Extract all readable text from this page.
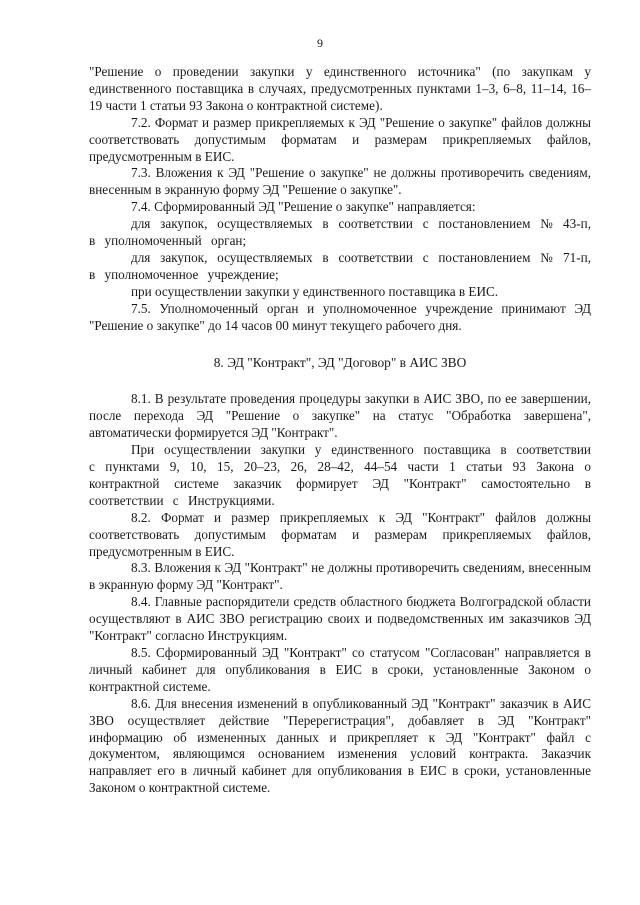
9

"Решение о проведении закупки у единственного источника" (по закупкам у единственного поставщика в случаях, предусмотренных пунктами 1–3, 6–8, 11–14, 16–19 части 1 статьи 93 Закона о контрактной системе).

7.2. Формат и размер прикрепляемых к ЭД "Решение о закупке" файлов должны соответствовать допустимым форматам и размерам прикрепляемых файлов, предусмотренным в ЕИС.

7.3. Вложения к ЭД "Решение о закупке" не должны противоречить сведениям, внесенным в экранную форму ЭД "Решение о закупке".

7.4. Сформированный ЭД "Решение о закупке" направляется:

для закупок, осуществляемых в соответствии с постановлением № 43-п, в уполномоченный орган;

для закупок, осуществляемых в соответствии с постановлением № 71-п, в уполномоченное учреждение;

при осуществлении закупки у единственного поставщика в ЕИС.

7.5. Уполномоченный орган и уполномоченное учреждение принимают ЭД "Решение о закупке" до 14 часов 00 минут текущего рабочего дня.

8. ЭД "Контракт", ЭД "Договор" в АИС ЗВО

8.1. В результате проведения процедуры закупки в АИС ЗВО, по ее завершении, после перехода ЭД "Решение о закупке" на статус "Обработка завершена", автоматически формируется ЭД "Контракт".

При осуществлении закупки у единственного поставщика в соответствии с пунктами 9, 10, 15, 20–23, 26, 28–42, 44–54 части 1 статьи 93 Закона о контрактной системе заказчик формирует ЭД "Контракт" самостоятельно в соответствии с Инструкциями.

8.2. Формат и размер прикрепляемых к ЭД "Контракт" файлов должны соответствовать допустимым форматам и размерам прикрепляемых файлов, предусмотренным в ЕИС.

8.3. Вложения к ЭД "Контракт" не должны противоречить сведениям, внесенным в экранную форму ЭД "Контракт".

8.4. Главные распорядители средств областного бюджета Волгоградской области осуществляют в АИС ЗВО регистрацию своих и подведомственных им заказчиков ЭД "Контракт" согласно Инструкциям.

8.5. Сформированный ЭД "Контракт" со статусом "Согласован" направляется в личный кабинет для опубликования в ЕИС в сроки, установленные Законом о контрактной системе.

8.6. Для внесения изменений в опубликованный ЭД "Контракт" заказчик в АИС ЗВО осуществляет действие "Перерегистрация", добавляет в ЭД "Контракт" информацию об измененных данных и прикрепляет к ЭД "Контракт" файл с документом, являющимся основанием изменения условий контракта. Заказчик направляет его в личный кабинет для опубликования в ЕИС в сроки, установленные Законом о контрактной системе.
